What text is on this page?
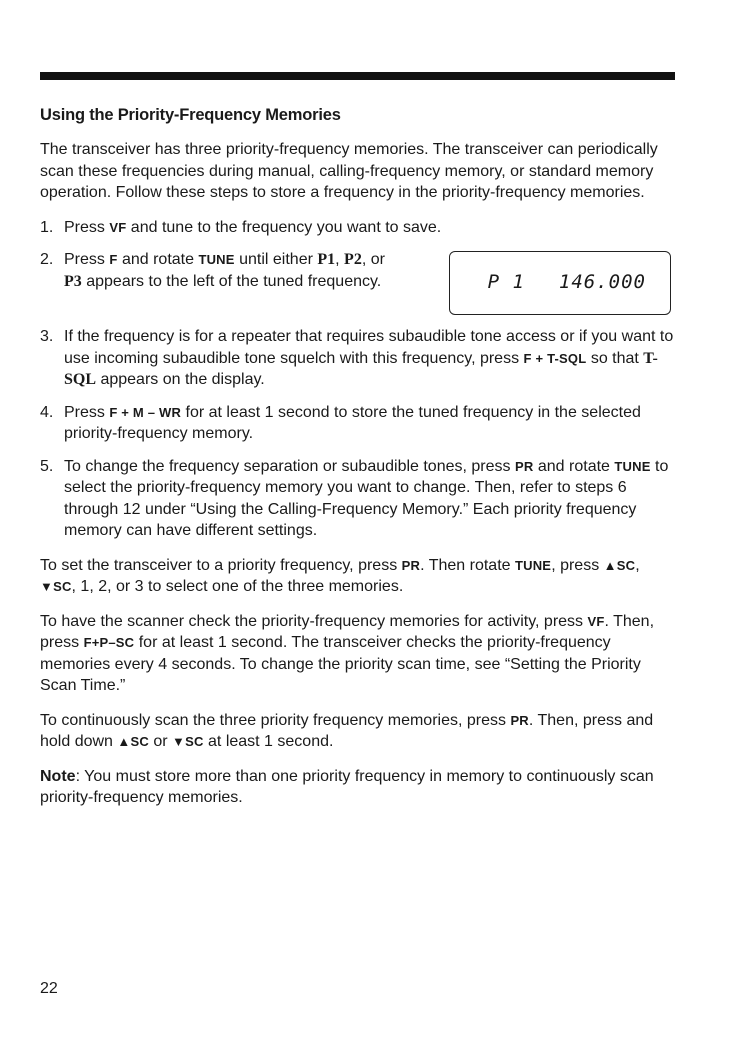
Using the Priority-Frequency Memories

The transceiver has three priority-frequency memories. The transceiver can periodically scan these frequencies during manual, calling-frequency memory, or standard memory operation. Follow these steps to store a frequency in the priority-frequency memories.

1. Press VF and tune to the frequency you want to save.
2. Press F and rotate TUNE until either P1, P2, or P3 appears to the left of the tuned frequency.	P 1 146.000
3. If the frequency is for a repeater that requires subaudible tone access or if you want to use incoming subaudible tone squelch with this frequency, press F + T-SQL so that T-SQL appears on the display.
4. Press F + M – WR for at least 1 second to store the tuned frequency in the selected priority-frequency memory.
5. To change the frequency separation or subaudible tones, press PR and rotate TUNE to select the priority-frequency memory you want to change. Then, refer to steps 6 through 12 under “Using the Calling-Frequency Memory.” Each priority frequency memory can have different settings.

To set the transceiver to a priority frequency, press PR. Then rotate TUNE, press ▲SC, ▼SC, 1, 2, or 3 to select one of the three memories.

To have the scanner check the priority-frequency memories for activity, press VF. Then, press F+P–SC for at least 1 second. The transceiver checks the priority-frequency memories every 4 seconds. To change the priority scan time, see “Setting the Priority Scan Time.”

To continuously scan the three priority frequency memories, press PR. Then, press and hold down ▲SC or ▼SC at least 1 second.

Note: You must store more than one priority frequency in memory to continuously scan priority-frequency memories.

22
